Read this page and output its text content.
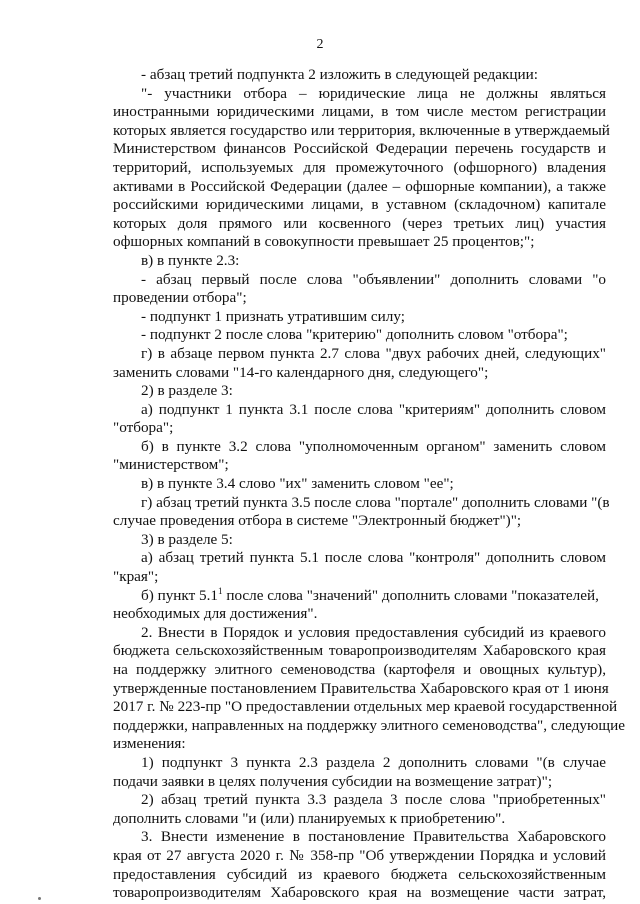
2
- абзац третий подпункта 2 изложить в следующей редакции:
"- участники отбора – юридические лица не должны являться
иностранными юридическими лицами, в том числе местом регистрации
которых является государство или территория, включенные в утверждаемый
Министерством финансов Российской Федерации перечень государств и
территорий, используемых для промежуточного (офшорного) владения
активами в Российской Федерации (далее – офшорные компании), а также
российскими юридическими лицами, в уставном (складочном) капитале
которых доля прямого или косвенного (через третьих лиц) участия
офшорных компаний в совокупности превышает 25 процентов;";
в) в пункте 2.3:
- абзац первый после слова "объявлении" дополнить словами "о
проведении отбора";
- подпункт 1 признать утратившим силу;
- подпункт 2 после слова "критерию" дополнить словом "отбора";
г) в абзаце первом пункта 2.7 слова "двух рабочих дней, следующих"
заменить словами "14-го календарного дня, следующего";
2) в разделе 3:
а) подпункт 1 пункта 3.1 после слова "критериям" дополнить словом
"отбора";
б) в пункте 3.2 слова "уполномоченным органом" заменить словом
"министерством";
в) в пункте 3.4 слово "их" заменить словом "ее";
г) абзац третий пункта 3.5 после слова "портале" дополнить словами "(в
случае проведения отбора в системе "Электронный бюджет")";
3) в разделе 5:
а) абзац третий пункта 5.1 после слова "контроля" дополнить словом
"края";
б) пункт $5.1^1$ после слова "значений" дополнить словами "показателей,
необходимых для достижения".
2. Внести в Порядок и условия предоставления субсидий из краевого
бюджета сельскохозяйственным товаропроизводителям Хабаровского края
на поддержку элитного семеноводства (картофеля и овощных культур),
утвержденные постановлением Правительства Хабаровского края от 1 июня
2017 г. № 223-пр "О предоставлении отдельных мер краевой государственной
поддержки, направленных на поддержку элитного семеноводства", следующие
изменения:
1) подпункт 3 пункта 2.3 раздела 2 дополнить словами "(в случае
подачи заявки в целях получения субсидии на возмещение затрат)";
2) абзац третий пункта 3.3 раздела 3 после слова "приобретенных"
дополнить словами "и (или) планируемых к приобретению".
3. Внести изменение в постановление Правительства Хабаровского
края от 27 августа 2020 г. № 358-пр "Об утверждении Порядка и условий
предоставления субсидий из краевого бюджета сельскохозяйственным
товаропроизводителям Хабаровского края на возмещение части затрат,
